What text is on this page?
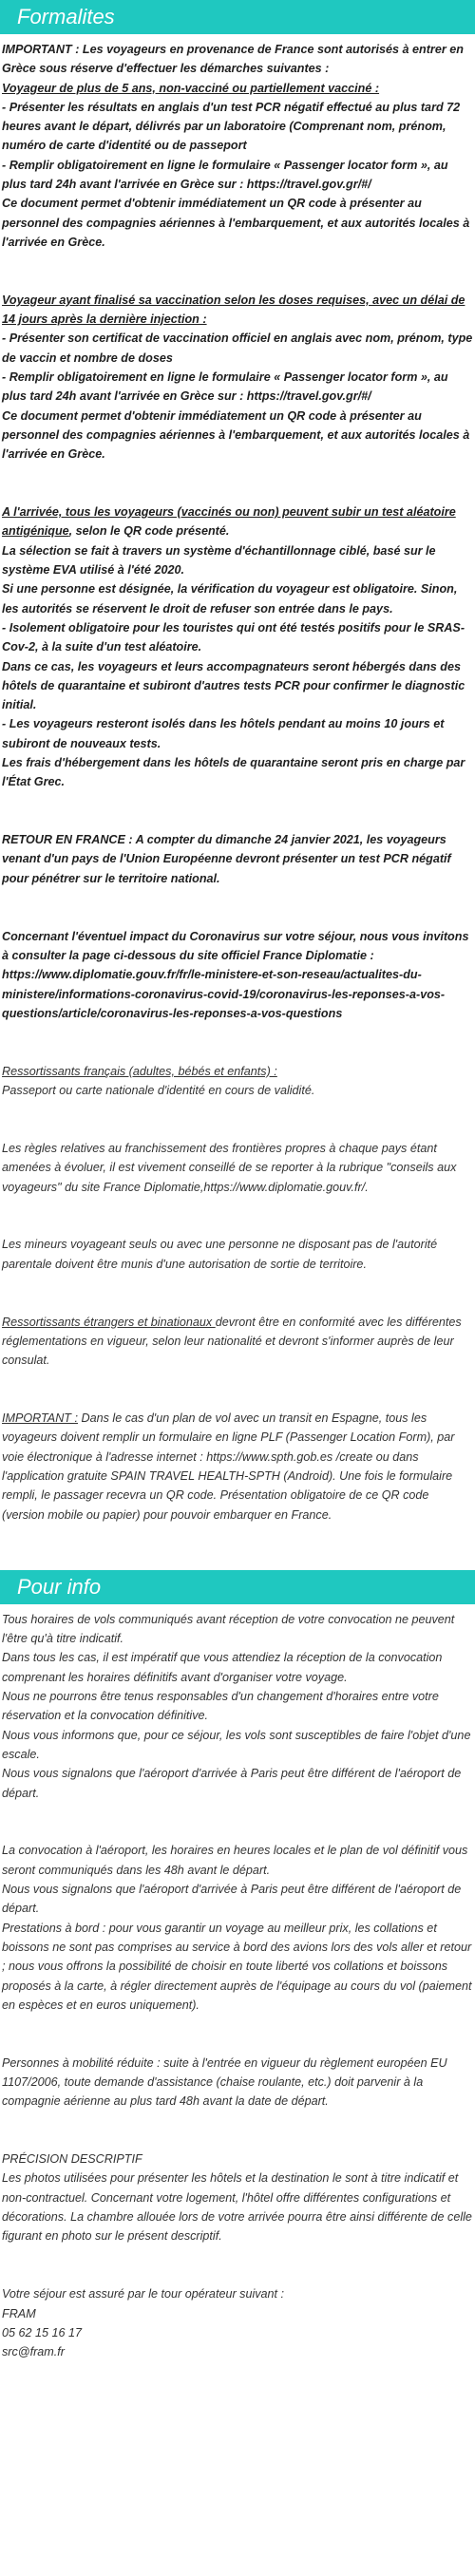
Formalites
IMPORTANT : Les voyageurs en provenance de France sont autorisés à entrer en Grèce sous réserve d'effectuer les démarches suivantes :
Voyageur de plus de 5 ans, non-vacciné ou partiellement vacciné :
- Présenter les résultats en anglais d'un test PCR négatif effectué au plus tard 72 heures avant le départ, délivrés par un laboratoire (Comprenant nom, prénom, numéro de carte d'identité ou de passeport
- Remplir obligatoirement en ligne le formulaire « Passenger locator form », au plus tard 24h avant l'arrivée en Grèce sur : https://travel.gov.gr/#/
Ce document permet d'obtenir immédiatement un QR code à présenter au personnel des compagnies aériennes à l'embarquement, et aux autorités locales à l'arrivée en Grèce.
Voyageur ayant finalisé sa vaccination selon les doses requises, avec un délai de 14 jours après la dernière injection :
- Présenter son certificat de vaccination officiel en anglais avec nom, prénom, type de vaccin et nombre de doses
- Remplir obligatoirement en ligne le formulaire « Passenger locator form », au plus tard 24h avant l'arrivée en Grèce sur : https://travel.gov.gr/#/
Ce document permet d'obtenir immédiatement un QR code à présenter au personnel des compagnies aériennes à l'embarquement, et aux autorités locales à l'arrivée en Grèce.
A l'arrivée, tous les voyageurs (vaccinés ou non) peuvent subir un test aléatoire antigénique, selon le QR code présenté.
La sélection se fait à travers un système d'échantillonnage ciblé, basé sur le système EVA utilisé à l'été 2020.
Si une personne est désignée, la vérification du voyageur est obligatoire. Sinon, les autorités se réservent le droit de refuser son entrée dans le pays.
- Isolement obligatoire pour les touristes qui ont été testés positifs pour le SRAS-Cov-2, à la suite d'un test aléatoire.
Dans ce cas, les voyageurs et leurs accompagnateurs seront hébergés dans des hôtels de quarantaine et subiront d'autres tests PCR pour confirmer le diagnostic initial.
- Les voyageurs resteront isolés dans les hôtels pendant au moins 10 jours et subiront de nouveaux tests.
Les frais d'hébergement dans les hôtels de quarantaine seront pris en charge par l'État Grec.
RETOUR EN FRANCE : A compter du dimanche 24 janvier 2021, les voyageurs venant d'un pays de l'Union Européenne devront présenter un test PCR négatif pour pénétrer sur le territoire national.
Concernant l'éventuel impact du Coronavirus sur votre séjour, nous vous invitons à consulter la page ci-dessous du site officiel France Diplomatie : https://www.diplomatie.gouv.fr/fr/le-ministere-et-son-reseau/actualites-du-ministere/informations-coronavirus-covid-19/coronavirus-les-reponses-a-vos-questions/article/coronavirus-les-reponses-a-vos-questions
Ressortissants français (adultes, bébés et enfants) :
Passeport ou carte nationale d'identité en cours de validité.
Les règles relatives au franchissement des frontières propres à chaque pays étant amenées à évoluer, il est vivement conseillé de se reporter à la rubrique "conseils aux voyageurs" du site France Diplomatie,https://www.diplomatie.gouv.fr/.
Les mineurs voyageant seuls ou avec une personne ne disposant pas de l'autorité parentale doivent être munis d'une autorisation de sortie de territoire.
Ressortissants étrangers et binationaux devront être en conformité avec les différentes réglementations en vigueur, selon leur nationalité et devront s'informer auprès de leur consulat.
IMPORTANT : Dans le cas d'un plan de vol avec un transit en Espagne, tous les voyageurs doivent remplir un formulaire en ligne PLF (Passenger Location Form), par voie électronique à l'adresse internet : https://www.spth.gob.es /create ou dans l'application gratuite SPAIN TRAVEL HEALTH-SPTH (Android). Une fois le formulaire rempli, le passager recevra un QR code. Présentation obligatoire de ce QR code (version mobile ou papier) pour pouvoir embarquer en France.
Pour info
Tous horaires de vols communiqués avant réception de votre convocation ne peuvent l'être qu'à titre indicatif.
Dans tous les cas, il est impératif que vous attendiez la réception de la convocation comprenant les horaires définitifs avant d'organiser votre voyage.
Nous ne pourrons être tenus responsables d'un changement d'horaires entre votre réservation et la convocation définitive.
Nous vous informons que, pour ce séjour, les vols sont susceptibles de faire l'objet d'une escale.
Nous vous signalons que l'aéroport d'arrivée à Paris peut être différent de l'aéroport de départ.
La convocation à l'aéroport, les horaires en heures locales et le plan de vol définitif vous seront communiqués dans les 48h avant le départ.
Nous vous signalons que l'aéroport d'arrivée à Paris peut être différent de l'aéroport de départ.
Prestations à bord : pour vous garantir un voyage au meilleur prix, les collations et boissons ne sont pas comprises au service à bord des avions lors des vols aller et retour ; nous vous offrons la possibilité de choisir en toute liberté vos collations et boissons proposés à la carte, à régler directement auprès de l'équipage au cours du vol (paiement en espèces et en euros uniquement).
Personnes à mobilité réduite : suite à l'entrée en vigueur du règlement européen EU 1107/2006, toute demande d'assistance (chaise roulante, etc.) doit parvenir à la compagnie aérienne au plus tard 48h avant la date de départ.
PRÉCISION DESCRIPTIF
Les photos utilisées pour présenter les hôtels et la destination le sont à titre indicatif et non-contractuel. Concernant votre logement, l'hôtel offre différentes configurations et décorations. La chambre allouée lors de votre arrivée pourra être ainsi différente de celle figurant en photo sur le présent descriptif.
Votre séjour est assuré par le tour opérateur suivant :
FRAM
05 62 15 16 17
src@fram.fr
